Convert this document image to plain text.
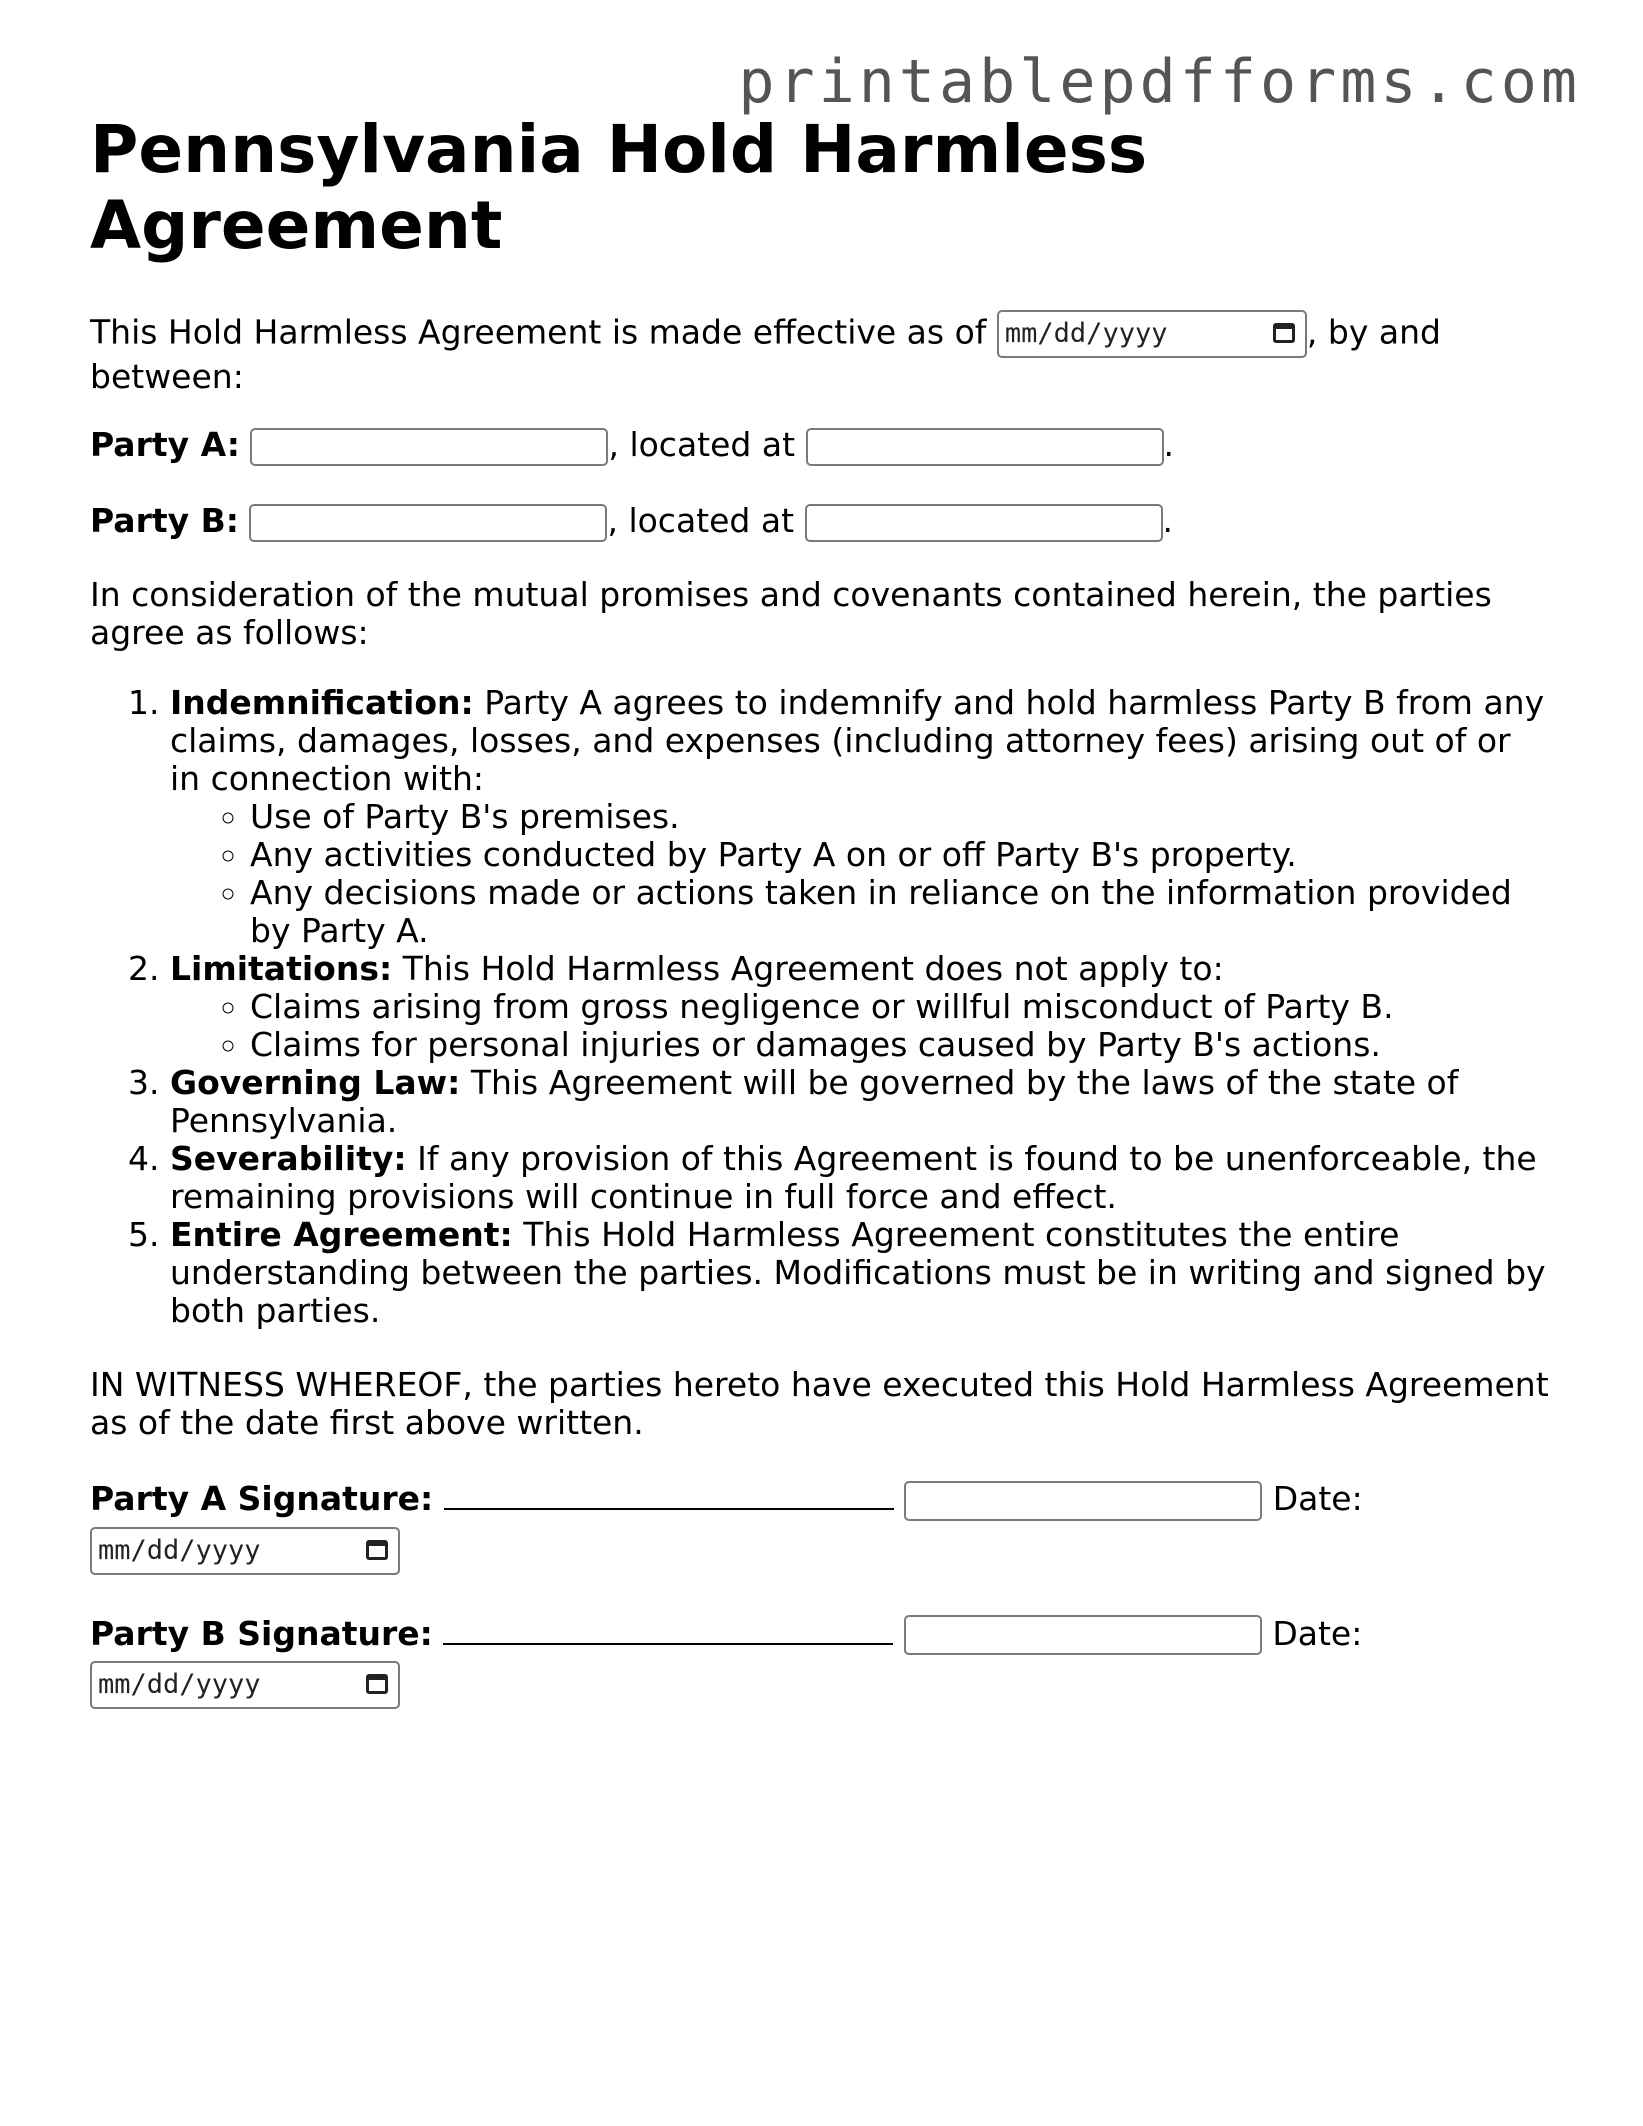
printablepdfforms.com
Pennsylvania Hold Harmless Agreement

This Hold Harmless Agreement is made effective as of mm/dd/yyyy	, by and between:

Party A:	, located at	.

Party B:	, located at	.

In consideration of the mutual promises and covenants contained herein, the parties agree as follows:

1. Indemnification: Party A agrees to indemnify and hold harmless Party B from any claims, damages, losses, and expenses (including attorney fees) arising out of or in connection with:
◦ Use of Party B's premises.
◦ Any activities conducted by Party A on or off Party B's property.
◦ Any decisions made or actions taken in reliance on the information provided by Party A.
2. Limitations: This Hold Harmless Agreement does not apply to:
◦ Claims arising from gross negligence or willful misconduct of Party B.
◦ Claims for personal injuries or damages caused by Party B's actions.
3. Governing Law: This Agreement will be governed by the laws of the state of Pennsylvania.
4. Severability: If any provision of this Agreement is found to be unenforceable, the remaining provisions will continue in full force and effect.
5. Entire Agreement: This Hold Harmless Agreement constitutes the entire understanding between the parties. Modifications must be in writing and signed by both parties.

IN WITNESS WHEREOF, the parties hereto have executed this Hold Harmless Agreement as of the date first above written.

Party A Signature:	Date:
mm/dd/yyyy
Party B Signature:	Date:
mm/dd/yyyy
